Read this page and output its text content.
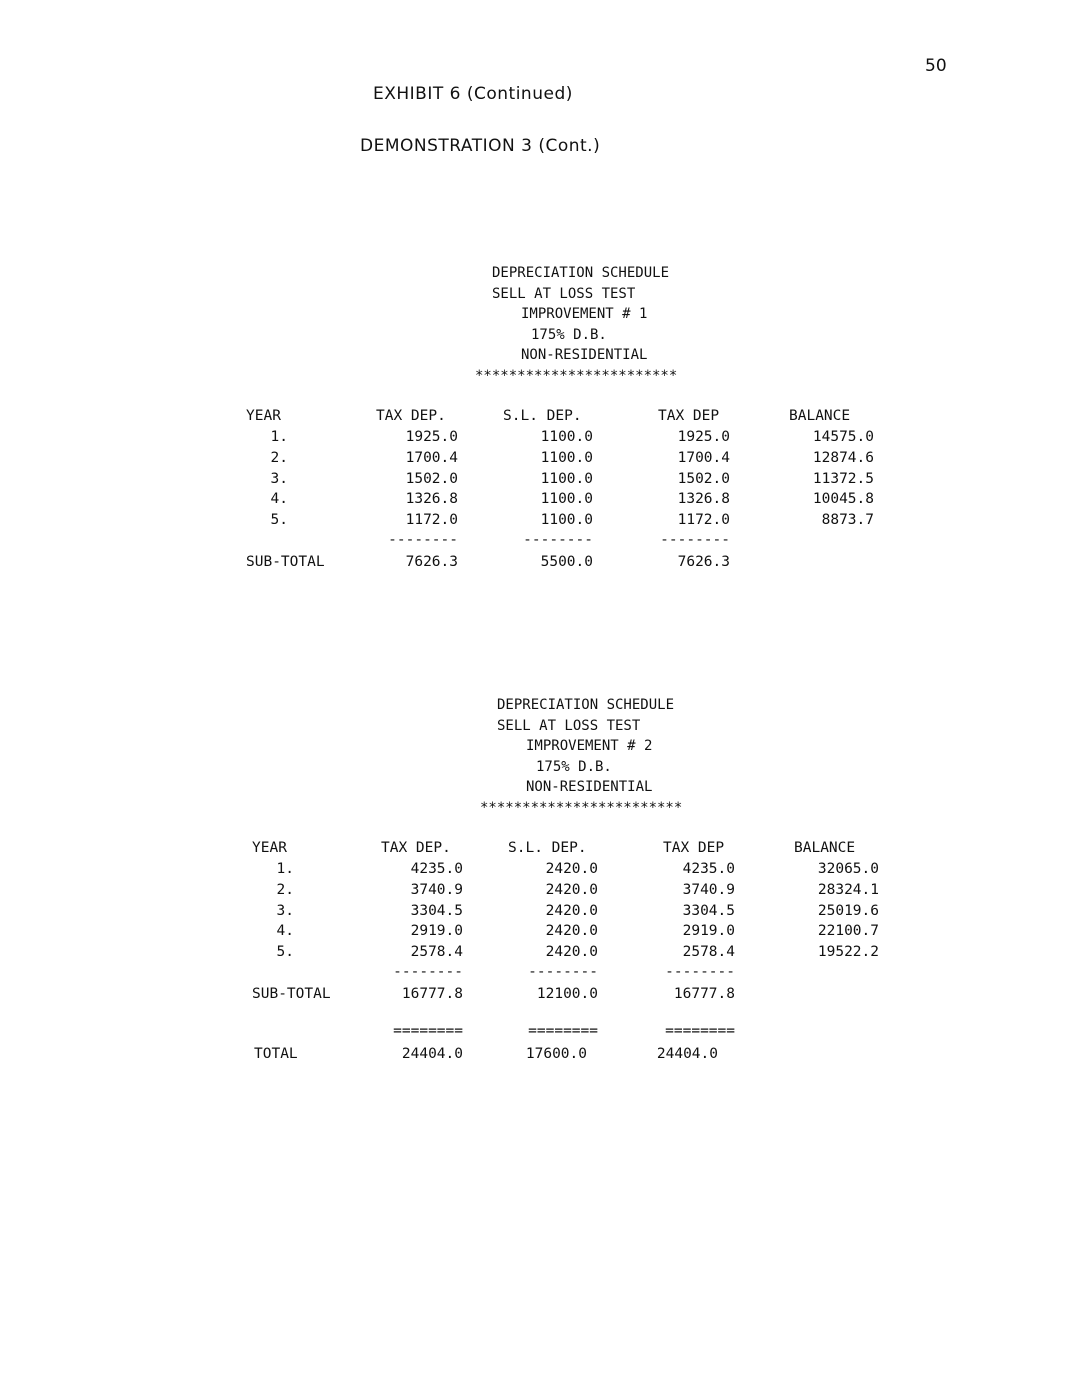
50
EXHIBIT 6 (Continued)
DEMONSTRATION 3 (Cont.)
DEPRECIATION SCHEDULE
SELL AT LOSS TEST
IMPROVEMENT # 1
175% D.B.
NON-RESIDENTIAL
************************
YEAR	TAX DEP.	S.L. DEP.	TAX DEP	BALANCE
1.	1925.0	1100.0	1925.0	14575.0
2.	1700.4	1100.0	1700.4	12874.6
3.	1502.0	1100.0	1502.0	11372.5
4.	1326.8	1100.0	1326.8	10045.8
5.	1172.0	1100.0	1172.0	8873.7
--------	--------	--------
SUB-TOTAL	7626.3	5500.0	7626.3
DEPRECIATION SCHEDULE
SELL AT LOSS TEST
IMPROVEMENT # 2
175% D.B.
NON-RESIDENTIAL
************************
YEAR	TAX DEP.	S.L. DEP.	TAX DEP	BALANCE
1.	4235.0	2420.0	4235.0	32065.0
2.	3740.9	2420.0	3740.9	28324.1
3.	3304.5	2420.0	3304.5	25019.6
4.	2919.0	2420.0	2919.0	22100.7
5.	2578.4	2420.0	2578.4	19522.2
--------	--------	--------
SUB-TOTAL	16777.8	12100.0	16777.8
========	========	========
TOTAL	24404.0	17600.0	24404.0
